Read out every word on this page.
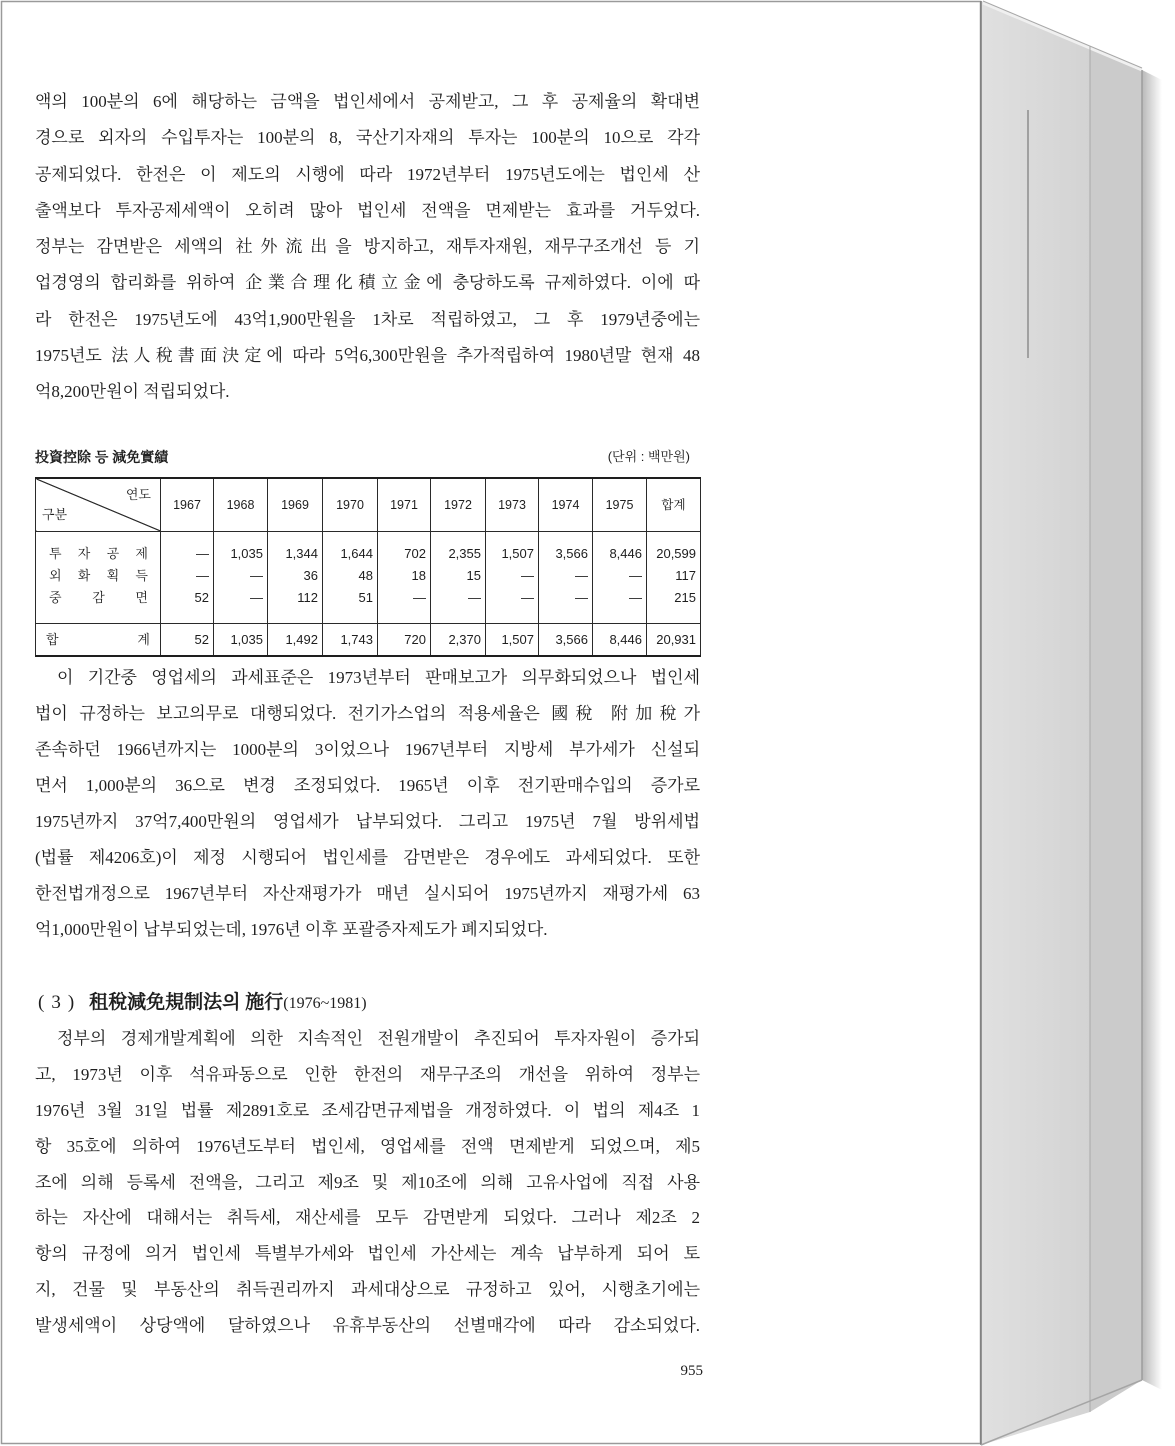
액의 100분의 6에 해당하는 금액을 법인세에서 공제받고, 그 후 공제율의 확대변
경으로 외자의 수입투자는 100분의 8, 국산기자재의 투자는 100분의 10으로 각각
공제되었다. 한전은 이 제도의 시행에 따라 1972년부터 1975년도에는 법인세 산
출액보다 투자공제세액이 오히려 많아 법인세 전액을 면제받는 효과를 거두었다.
정부는 감면받은 세액의 社外流出을 방지하고, 재투자재원, 재무구조개선 등 기
업경영의 합리화를 위하여 企業合理化積立金에 충당하도록 규제하였다. 이에 따
라 한전은 1975년도에 43억1,900만원을 1차로 적립하였고, 그 후 1979년중에는
1975년도 法人稅書面決定에 따라 5억6,300만원을 추가적립하여 1980년말 현재 48
억8,200만원이 적립되었다.
投資控除 등 減免實績	(단위 : 백만원)
연도
구분	1967	1968	1969	1970	1971	1972	1973	1974	1975	합계
투 자 공 제	—	1,035	1,344	1,644	702	2,355	1,507	3,566	8,446	20,599
외 화 획 득	—	—	36	48	18	15	—	—	—	117
중 감 면	52	—	112	51	—	—	—	—	—	215
합 계	52	1,035	1,492	1,743	720	2,370	1,507	3,566	8,446	20,931
이 기간중 영업세의 과세표준은 1973년부터 판매보고가 의무화되었으나 법인세
법이 규정하는 보고의무로 대행되었다. 전기가스업의 적용세율은 國稅 附加稅가
존속하던 1966년까지는 1000분의 3이었으나 1967년부터 지방세 부가세가 신설되
면서 1,000분의 36으로 변경 조정되었다. 1965년 이후 전기판매수입의 증가로
1975년까지 37억7,400만원의 영업세가 납부되었다. 그리고 1975년 7월 방위세법
(법률 제4206호)이 제정 시행되어 법인세를 감면받은 경우에도 과세되었다. 또한
한전법개정으로 1967년부터 자산재평가가 매년 실시되어 1975년까지 재평가세 63
억1,000만원이 납부되었는데, 1976년 이후 포괄증자제도가 폐지되었다.
(3) 租稅減免規制法의 施行(1976~1981)
정부의 경제개발계획에 의한 지속적인 전원개발이 추진되어 투자자원이 증가되
고, 1973년 이후 석유파동으로 인한 한전의 재무구조의 개선을 위하여 정부는
1976년 3월 31일 법률 제2891호로 조세감면규제법을 개정하였다. 이 법의 제4조 1
항 35호에 의하여 1976년도부터 법인세, 영업세를 전액 면제받게 되었으며, 제5
조에 의해 등록세 전액을, 그리고 제9조 및 제10조에 의해 고유사업에 직접 사용
하는 자산에 대해서는 취득세, 재산세를 모두 감면받게 되었다. 그러나 제2조 2
항의 규정에 의거 법인세 특별부가세와 법인세 가산세는 계속 납부하게 되어 토
지, 건물 및 부동산의 취득권리까지 과세대상으로 규정하고 있어, 시행초기에는
발생세액이 상당액에 달하였으나 유휴부동산의 선별매각에 따라 감소되었다.
955
